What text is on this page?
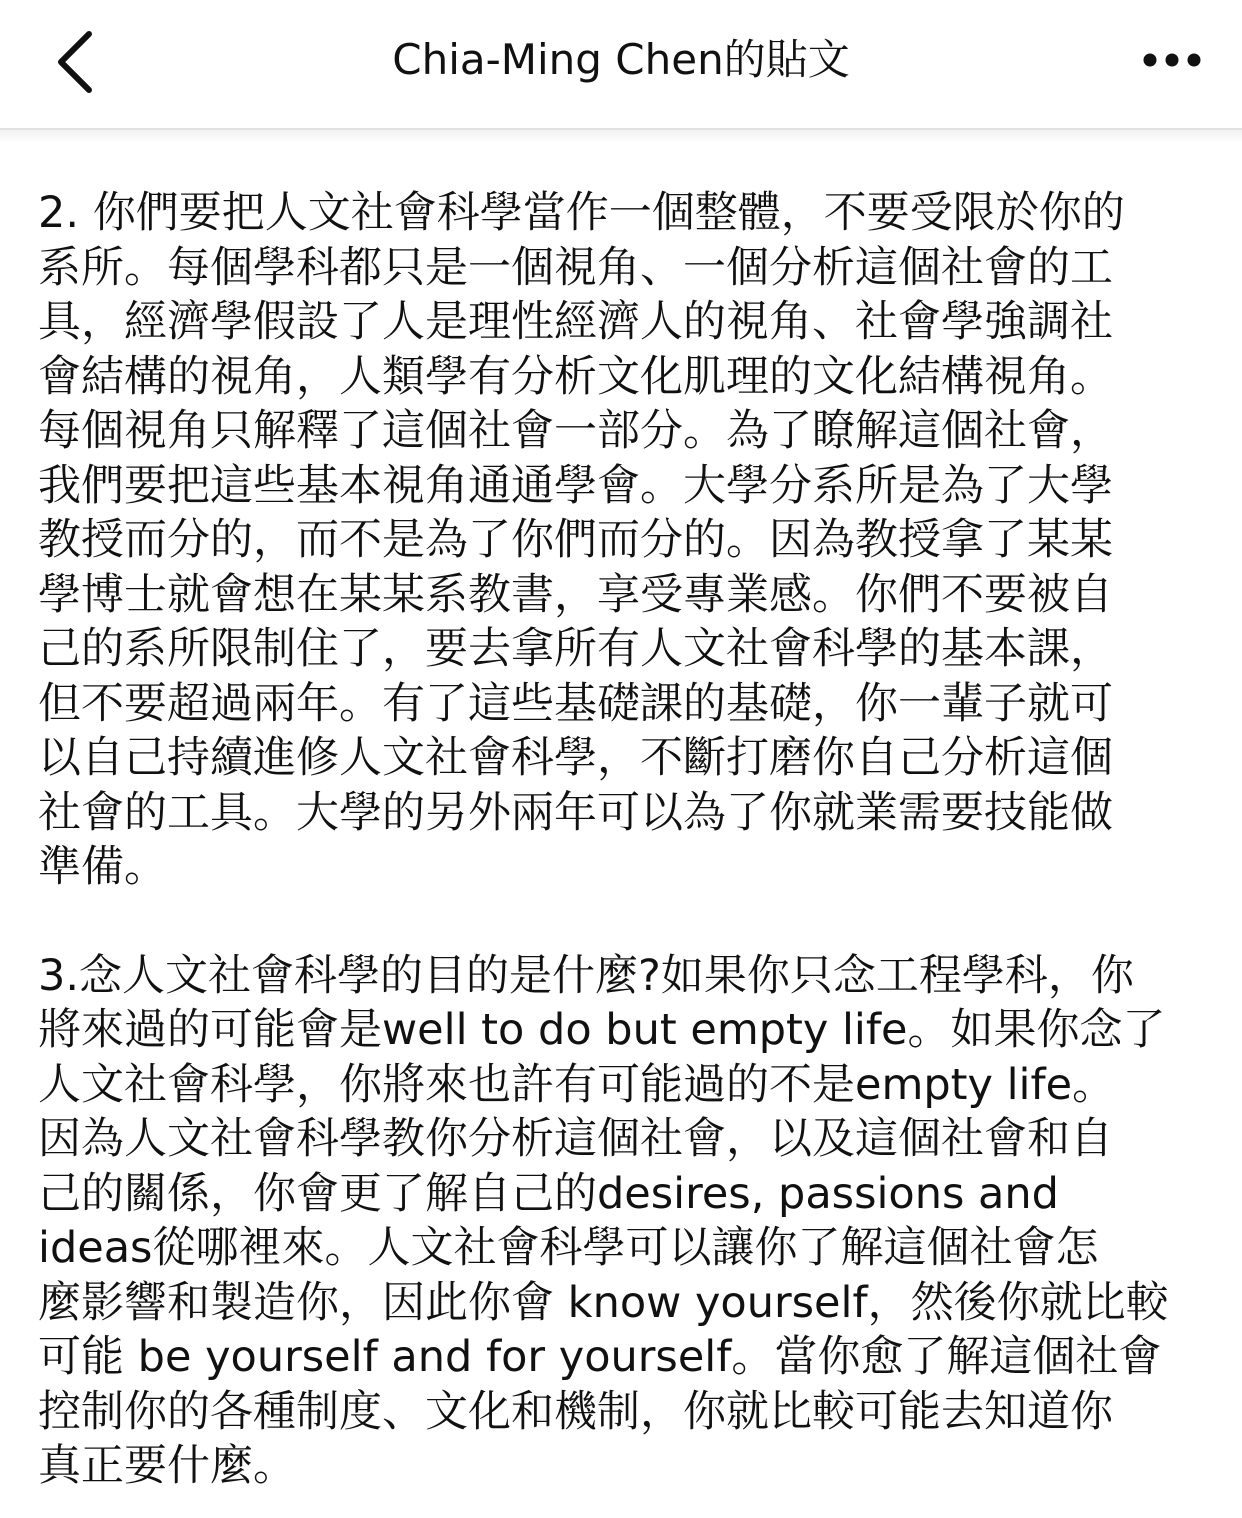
Chia-Ming Chen的貼文

2. 你們要把人文社會科學當作一個整體，不要受限於你的
系所。每個學科都只是一個視角、一個分析這個社會的工
具，經濟學假設了人是理性經濟人的視角、社會學強調社
會結構的視角，人類學有分析文化肌理的文化結構視角。
每個視角只解釋了這個社會一部分。為了瞭解這個社會，
我們要把這些基本視角通通學會。大學分系所是為了大學
教授而分的，而不是為了你們而分的。因為教授拿了某某
學博士就會想在某某系教書，享受專業感。你們不要被自
己的系所限制住了，要去拿所有人文社會科學的基本課，
但不要超過兩年。有了這些基礎課的基礎，你一輩子就可
以自己持續進修人文社會科學，不斷打磨你自己分析這個
社會的工具。大學的另外兩年可以為了你就業需要技能做
準備。

3.念人文社會科學的目的是什麼?如果你只念工程學科，你
將來過的可能會是well to do but empty life。如果你念了
人文社會科學，你將來也許有可能過的不是empty life。
因為人文社會科學教你分析這個社會，以及這個社會和自
己的關係，你會更了解自己的desires, passions and
ideas從哪裡來。人文社會科學可以讓你了解這個社會怎
麼影響和製造你，因此你會 know yourself，然後你就比較
可能 be yourself and for yourself。當你愈了解這個社會
控制你的各種制度、文化和機制，你就比較可能去知道你
真正要什麼。
